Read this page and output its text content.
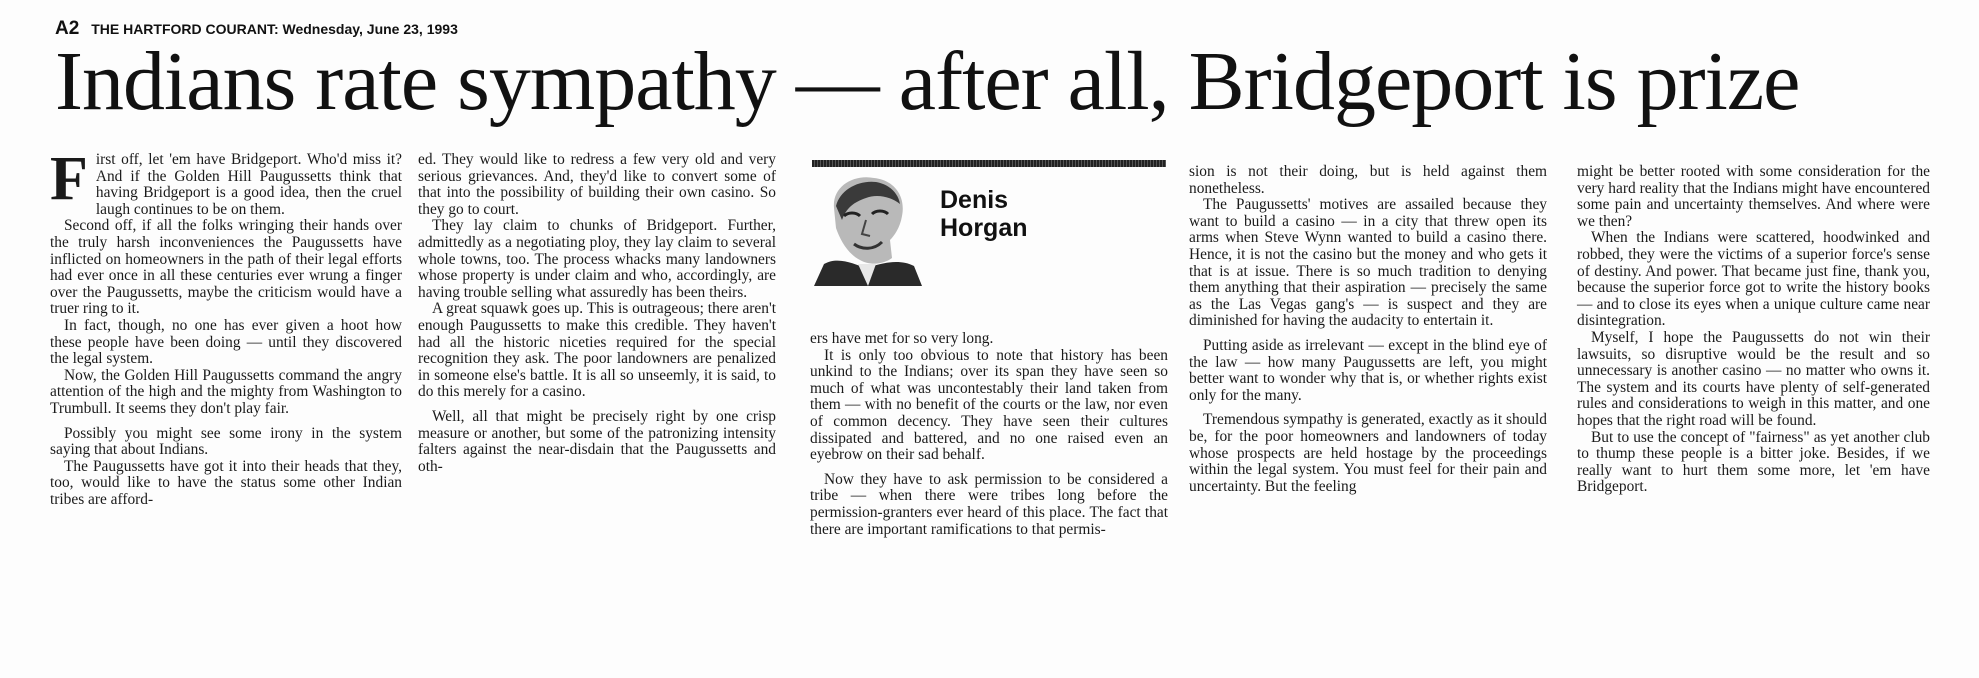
A2 THE HARTFORD COURANT: Wednesday, June 23, 1993
Indians rate sympathy — after all, Bridgeport is prize

First off, let 'em have Bridgeport. Who'd miss it? And if the Golden Hill Paugussetts think that having Bridgeport is a good idea, then the cruel laugh continues to be on them.

Second off, if all the folks wringing their hands over the truly harsh inconveniences the Paugussetts have inflicted on homeowners in the path of their legal efforts had ever once in all these centuries ever wrung a finger over the Paugussetts, maybe the criticism would have a truer ring to it.

In fact, though, no one has ever given a hoot how these people have been doing — until they discovered the legal system.

Now, the Golden Hill Paugussetts command the angry attention of the high and the mighty from Washington to Trumbull. It seems they don't play fair.

Possibly you might see some irony in the system saying that about Indians.

The Paugussetts have got it into their heads that they, too, would like to have the status some other Indian tribes are afford-

ed. They would like to redress a few very old and very serious grievances. And, they'd like to convert some of that into the possibility of building their own casino. So they go to court.

They lay claim to chunks of Bridgeport. Further, admittedly as a negotiating ploy, they lay claim to several whole towns, too. The process whacks many landowners whose property is under claim and who, accordingly, are having trouble selling what assuredly has been theirs.

A great squawk goes up. This is outrageous; there aren't enough Paugussetts to make this credible. They haven't had all the historic niceties required for the special recognition they ask. The poor landowners are penalized in someone else's battle. It is all so unseemly, it is said, to do this merely for a casino.

Well, all that might be precisely right by one crisp measure or another, but some of the patronizing intensity falters against the near-disdain that the Paugussetts and oth-

Denis
Horgan

ers have met for so very long.

It is only too obvious to note that history has been unkind to the Indians; over its span they have seen so much of what was uncontestably their land taken from them — with no benefit of the courts or the law, nor even of common decency. They have seen their cultures dissipated and battered, and no one raised even an eyebrow on their sad behalf.

Now they have to ask permission to be considered a tribe — when there were tribes long before the permission-granters ever heard of this place. The fact that there are important ramifications to that permis-

sion is not their doing, but is held against them nonetheless.

The Paugussetts' motives are assailed because they want to build a casino — in a city that threw open its arms when Steve Wynn wanted to build a casino there. Hence, it is not the casino but the money and who gets it that is at issue. There is so much tradition to denying them anything that their aspiration — precisely the same as the Las Vegas gang's — is suspect and they are diminished for having the audacity to entertain it.

Putting aside as irrelevant — except in the blind eye of the law — how many Paugussetts are left, you might better want to wonder why that is, or whether rights exist only for the many.

Tremendous sympathy is generated, exactly as it should be, for the poor homeowners and landowners of today whose prospects are held hostage by the proceedings within the legal system. You must feel for their pain and uncertainty. But the feeling

might be better rooted with some consideration for the very hard reality that the Indians might have encountered some pain and uncertainty themselves. And where were we then?

When the Indians were scattered, hoodwinked and robbed, they were the victims of a superior force's sense of destiny. And power. That became just fine, thank you, because the superior force got to write the history books — and to close its eyes when a unique culture came near disintegration.

Myself, I hope the Paugussetts do not win their lawsuits, so disruptive would be the result and so unnecessary is another casino — no matter who owns it. The system and its courts have plenty of self-generated rules and considerations to weigh in this matter, and one hopes that the right road will be found.

But to use the concept of "fairness" as yet another club to thump these people is a bitter joke. Besides, if we really want to hurt them some more, let 'em have Bridgeport.
